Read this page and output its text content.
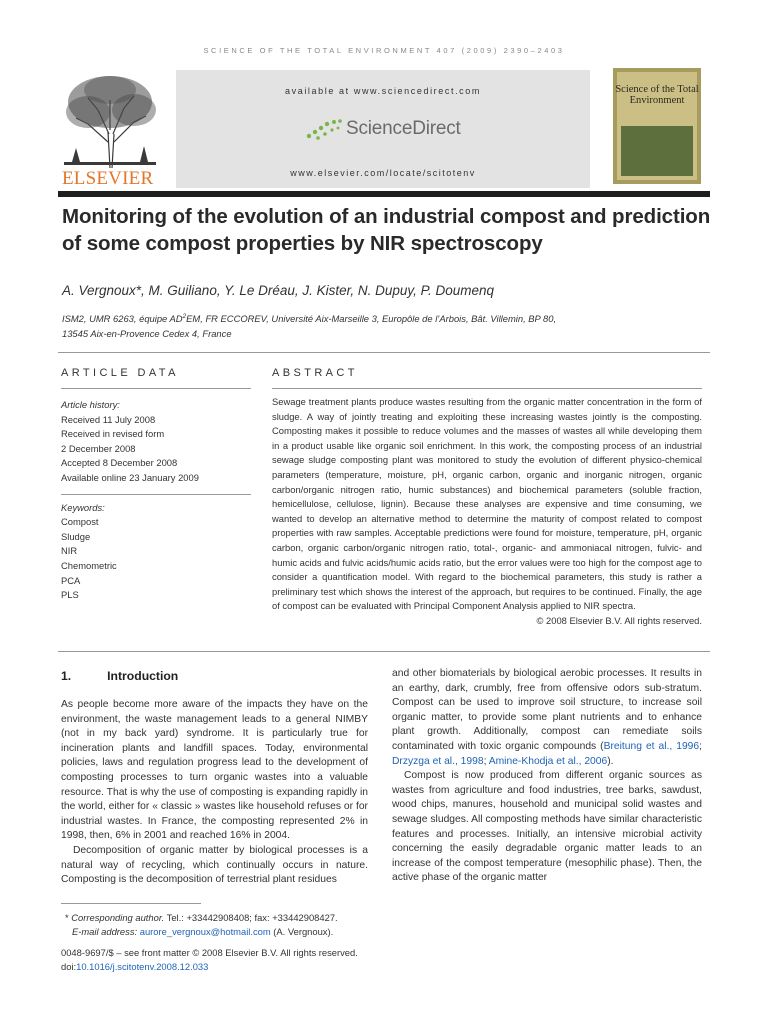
SCIENCE OF THE TOTAL ENVIRONMENT 407 (2009) 2390–2403
ELSEVIER
available at www.sciencedirect.com
ScienceDirect
www.elsevier.com/locate/scitotenv
Science of the Total Environment
Monitoring of the evolution of an industrial compost and prediction of some compost properties by NIR spectroscopy
A. Vergnoux*, M. Guiliano, Y. Le Dréau, J. Kister, N. Dupuy, P. Doumenq
ISM2, UMR 6263, équipe $AD^2EM$, FR ECCOREV, Université Aix-Marseille 3, Europôle de l’Arbois, Bât. Villemin, BP 80,
13545 Aix-en-Provence Cedex 4, France
ARTICLE DATA	ABSTRACT
Article history:
Received 11 July 2008
Received in revised form
2 December 2008
Accepted 8 December 2008
Available online 23 January 2009
Keywords:
Compost
Sludge
NIR
Chemometric
PCA
PLS
Sewage treatment plants produce wastes resulting from the organic matter concentration in the form of sludge. A way of jointly treating and exploiting these increasing wastes jointly is the composting. Composting makes it possible to reduce volumes and the masses of wastes all while developing them in a product usable like organic soil enrichment. In this work, the composting process of an industrial sewage sludge composting plant was monitored to study the evolution of different physico-chemical parameters (temperature, moisture, pH, organic carbon, organic and inorganic nitrogen, organic carbon/organic nitrogen ratio, humic substances) and biochemical parameters (soluble fraction, hemicellulose, cellulose, lignin). Because these analyses are expensive and time consuming, we wanted to develop an alternative method to determine the maturity of compost related to compost properties with raw samples. Acceptable predictions were found for moisture, temperature, pH, organic carbon, organic carbon/organic nitrogen ratio, total-, organic- and ammoniacal nitrogen, fulvic- and humic acids and fulvic acids/humic acids ratio, but the error values were too high for the compost age to consider a quantification model. With regard to the biochemical parameters, this study is rather a preliminary test which shows the interest of the approach, but requires to be continued. Finally, the age of compost can be evaluated with Principal Component Analysis applied to NIR spectra.
© 2008 Elsevier B.V. All rights reserved.
1.	Introduction
As people become more aware of the impacts they have on the environment, the waste management leads to a general NIMBY (not in my back yard) syndrome. It is particularly true for incineration plants and landfill spaces. Today, environmental policies, laws and regulation progress lead to the development of composting processes to turn organic wastes into a valuable resource. That is why the use of composting is expanding rapidly in the world, either for « classic » wastes like household refuses or for industrial wastes. In France, the composting represented 2% in 1998, then, 6% in 2001 and reached 16% in 2004.
Decomposition of organic matter by biological processes is a natural way of recycling, which continually occurs in nature. Composting is the decomposition of terrestrial plant residues
and other biomaterials by biological aerobic processes. It results in an earthy, dark, crumbly, free from offensive odors sub-stratum. Compost can be used to improve soil structure, to increase soil organic matter, to provide some plant nutrients and to enhance plant growth. Additionally, compost can remediate soils contaminated with toxic organic compounds (Breitung et al., 1996; Drzyzga et al., 1998; Amine-Khodja et al., 2006).
Compost is now produced from different organic sources as wastes from agriculture and food industries, tree barks, sawdust, wood chips, manures, household and municipal solid wastes and sewage sludges. All composting methods have similar characteristic features and processes. Initially, an intensive microbial activity concerning the easily degradable organic matter leads to an increase of the compost temperature (mesophilic phase). Then, the active phase of the organic matter
* Corresponding author. Tel.: +33442908408; fax: +33442908427.
E-mail address: aurore_vergnoux@hotmail.com (A. Vergnoux).
0048-9697/$ – see front matter © 2008 Elsevier B.V. All rights reserved.
doi:10.1016/j.scitotenv.2008.12.033
